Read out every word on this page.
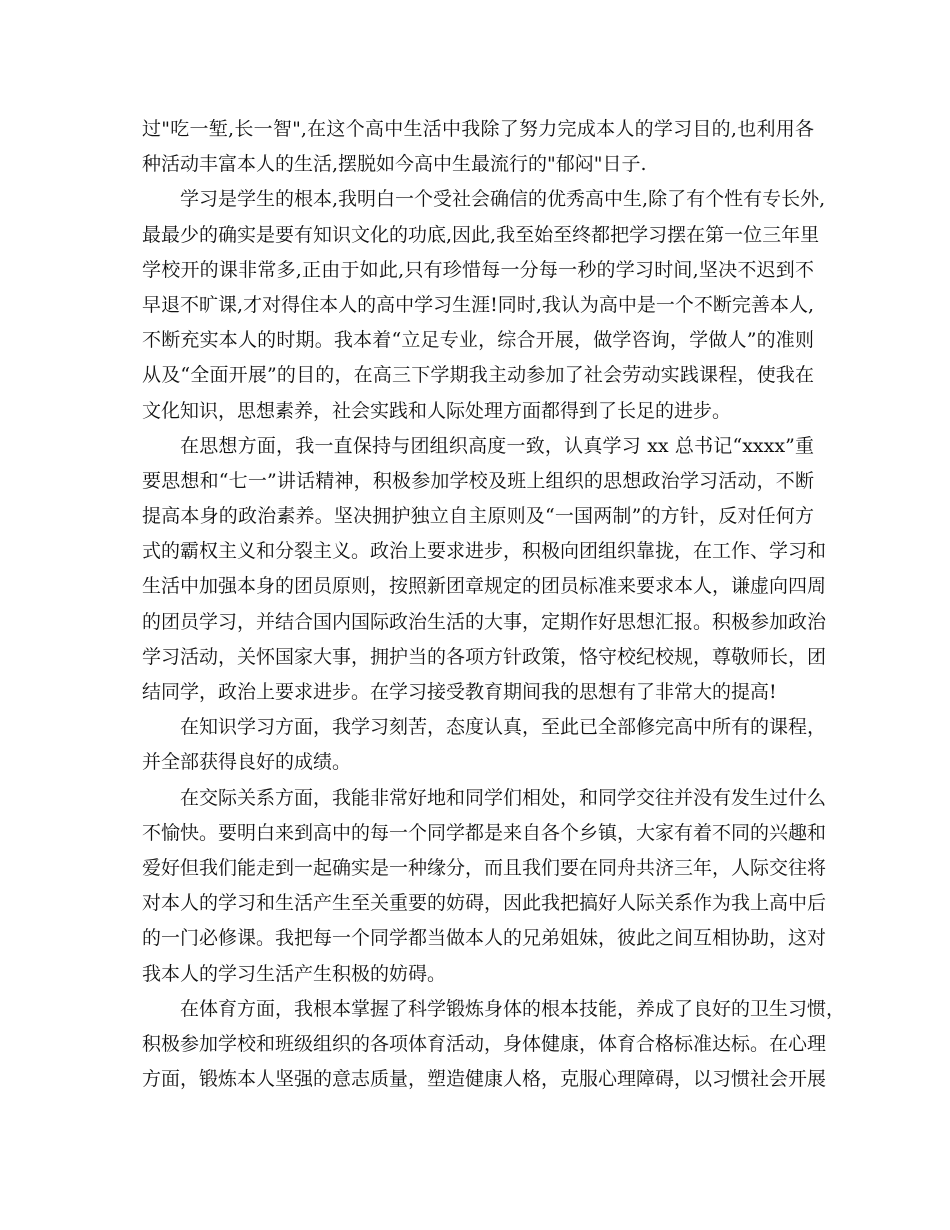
过"吃一堑,长一智",在这个高中生活中我除了努力完成本人的学习目的,也利用各
种活动丰富本人的生活,摆脱如今高中生最流行的"郁闷"日子.
学习是学生的根本,我明白一个受社会确信的优秀高中生,除了有个性有专长外,
最最少的确实是要有知识文化的功底,因此,我至始至终都把学习摆在第一位三年里
学校开的课非常多,正由于如此,只有珍惜每一分每一秒的学习时间,坚决不迟到不
早退不旷课,才对得住本人的高中学习生涯!同时,我认为高中是一个不断完善本人,
不断充实本人的时期。我本着“立足专业，综合开展，做学咨询，学做人”的准则
从及“全面开展”的目的，在高三下学期我主动参加了社会劳动实践课程，使我在
文化知识，思想素养，社会实践和人际处理方面都得到了长足的进步。
在思想方面，我一直保持与团组织高度一致，认真学习 xx 总书记“xxxx”重
要思想和“七一”讲话精神，积极参加学校及班上组织的思想政治学习活动，不断
提高本身的政治素养。坚决拥护独立自主原则及“一国两制”的方针，反对任何方
式的霸权主义和分裂主义。政治上要求进步，积极向团组织靠拢，在工作、学习和
生活中加强本身的团员原则，按照新团章规定的团员标准来要求本人，谦虚向四周
的团员学习，并结合国内国际政治生活的大事，定期作好思想汇报。积极参加政治
学习活动，关怀国家大事，拥护当的各项方针政策，恪守校纪校规，尊敬师长，团
结同学，政治上要求进步。在学习接受教育期间我的思想有了非常大的提高!
在知识学习方面，我学习刻苦，态度认真，至此已全部修完高中所有的课程，
并全部获得良好的成绩。
在交际关系方面，我能非常好地和同学们相处，和同学交往并没有发生过什么
不愉快。要明白来到高中的每一个同学都是来自各个乡镇，大家有着不同的兴趣和
爱好但我们能走到一起确实是一种缘分，而且我们要在同舟共济三年，人际交往将
对本人的学习和生活产生至关重要的妨碍，因此我把搞好人际关系作为我上高中后
的一门必修课。我把每一个同学都当做本人的兄弟姐妹，彼此之间互相协助，这对
我本人的学习生活产生积极的妨碍。
在体育方面，我根本掌握了科学锻炼身体的根本技能，养成了良好的卫生习惯，
积极参加学校和班级组织的各项体育活动，身体健康，体育合格标准达标。在心理
方面，锻炼本人坚强的意志质量，塑造健康人格，克服心理障碍，以习惯社会开展
